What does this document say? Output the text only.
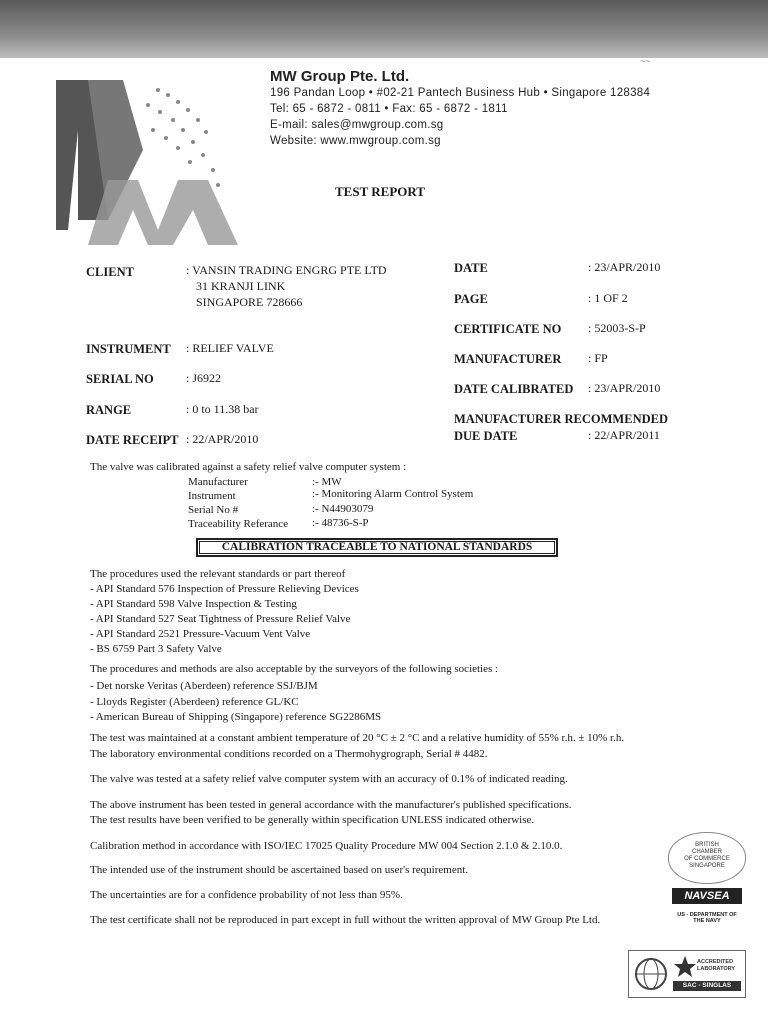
~~
MW Group Pte. Ltd.
196 Pandan Loop • #02-21 Pantech Business Hub • Singapore 128384
Tel: 65 - 6872 - 0811 • Fax: 65 - 6872 - 1811
E-mail: sales@mwgroup.com.sg
Website: www.mwgroup.com.sg
TEST REPORT
CLIENT	: VANSIN TRADING ENGRG PTE LTD
31 KRANJI LINK
SINGAPORE 728666
INSTRUMENT : RELIEF VALVE
SERIAL NO	: J6922
RANGE	: 0 to 11.38 bar
DATE RECEIPT : 22/APR/2010
DATE	: 23/APR/2010
PAGE	: 1 OF 2
CERTIFICATE NO : 52003-S-P
MANUFACTURER : FP
DATE CALIBRATED : 23/APR/2010
MANUFACTURER RECOMMENDED
DUE DATE	: 22/APR/2011
The valve was calibrated against a safety relief valve computer system :
Manufacturer	:- MW
Instrument	:- Monitoring Alarm Control System
Serial No #	:- N44903079
Traceability Referance :- 48736-S-P
CALIBRATION TRACEABLE TO NATIONAL STANDARDS
The procedures used the relevant standards or part thereof
- API Standard 576 Inspection of Pressure Relieving Devices
- API Standard 598 Valve Inspection & Testing
- API Standard 527 Seat Tightness of Pressure Relief Valve
- API Standard 2521 Pressure-Vacuum Vent Valve
- BS 6759 Part 3 Safety Valve
The procedures and methods are also acceptable by the surveyors of the following societies :
- Det norske Veritas (Aberdeen) reference SSJ/BJM
- Lloyds Register (Aberdeen) reference GL/KC
- American Bureau of Shipping (Singapore) reference SG2286MS
The test was maintained at a constant ambient temperature of 20 °C ± 2 °C and a relative humidity of 55% r.h. ± 10% r.h.
The laboratory environmental conditions recorded on a Thermohygrograph, Serial # 4482.
The valve was tested at a safety relief valve computer system with an accuracy of 0.1% of indicated reading.
The above instrument has been tested in general accordance with the manufacturer's published specifications.
The test results have been verified to be generally within specification UNLESS indicated otherwise.
Calibration method in accordance with ISO/IEC 17025 Quality Procedure MW 004 Section 2.1.0 & 2.10.0.
The intended use of the instrument should be ascertained based on user's requirement.
The uncertainties are for a confidence probability of not less than 95%.
The test certificate shall not be reproduced in part except in full without the written approval of MW Group Pte Ltd.
BRITISH
CHAMBER
OF COMMERCE
SINGAPORE
NAVSEA
US - DEPARTMENT OF THE NAVY
ACCREDITED
LABORATORY
SAC - SINGLAS
